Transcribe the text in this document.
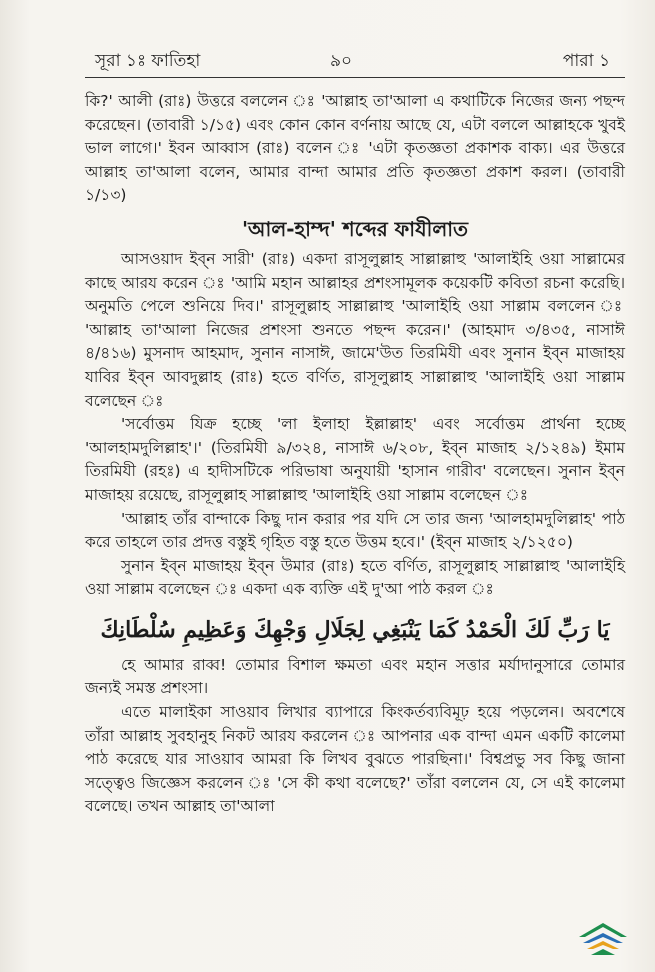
সূরা ১ঃ ফাতিহা	৯০	পারা ১

কি?' আলী (রাঃ) উত্তরে বললেন ঃ 'আল্লাহ তা'আলা এ কথাটিকে নিজের জন্য পছন্দ করেছেন। (তাবারী ১/১৫) এবং কোন কোন বর্ণনায় আছে যে, এটা বললে আল্লাহকে খুবই ভাল লাগে।' ইবন আব্বাস (রাঃ) বলেন ঃ 'এটা কৃতজ্ঞতা প্রকাশক বাক্য। এর উত্তরে আল্লাহ তা'আলা বলেন, আমার বান্দা আমার প্রতি কৃতজ্ঞতা প্রকাশ করল। (তাবারী ১/১৩)

'আল-হাম্দ' শব্দের ফাযীলাত

আসওয়াদ ইব্ন সারী' (রাঃ) একদা রাসূলুল্লাহ সাল্লাল্লাহু 'আলাইহি ওয়া সাল্লামের কাছে আরয করেন ঃ 'আমি মহান আল্লাহর প্রশংসামূলক কয়েকটি কবিতা রচনা করেছি। অনুমতি পেলে শুনিয়ে দিব।' রাসূলুল্লাহ সাল্লাল্লাহু 'আলাইহি ওয়া সাল্লাম বললেন ঃ 'আল্লাহ তা'আলা নিজের প্রশংসা শুনতে পছন্দ করেন।' (আহমাদ ৩/৪৩৫, নাসাঈ ৪/৪১৬) মুসনাদ আহমাদ, সুনান নাসাঈ, জামে'উত তিরমিযী এবং সুনান ইব্ন মাজাহয় যাবির ইব্ন আবদুল্লাহ (রাঃ) হতে বর্ণিত, রাসূলুল্লাহ সাল্লাল্লাহু 'আলাইহি ওয়া সাল্লাম বলেছেন ঃ

'সর্বোত্তম যিক্র হচ্ছে 'লা ইলাহা ইল্লাল্লাহ' এবং সর্বোত্তম প্রার্থনা হচ্ছে 'আলহামদুলিল্লাহ'।' (তিরমিযী ৯/৩২৪, নাসাঈ ৬/২০৮, ইব্ন মাজাহ ২/১২৪৯) ইমাম তিরমিযী (রহঃ) এ হাদীসটিকে পরিভাষা অনুযায়ী 'হাসান গারীব' বলেছেন। সুনান ইব্ন মাজাহয় রয়েছে, রাসূলুল্লাহ সাল্লাল্লাহু 'আলাইহি ওয়া সাল্লাম বলেছেন ঃ

'আল্লাহ তাঁর বান্দাকে কিছু দান করার পর যদি সে তার জন্য 'আলহামদুলিল্লাহ' পাঠ করে তাহলে তার প্রদত্ত বস্তুই গৃহিত বস্তু হতে উত্তম হবে।' (ইব্ন মাজাহ ২/১২৫০)

সুনান ইব্ন মাজাহয় ইব্ন উমার (রাঃ) হতে বর্ণিত, রাসূলুল্লাহ সাল্লাল্লাহু 'আলাইহি ওয়া সাল্লাম বলেছেন ঃ একদা এক ব্যক্তি এই দু'আ পাঠ করল ঃ

يَا رَبِّ لَكَ الْحَمْدُ كَمَا يَنْبَغِي لِجَلَالِ وَجْهِكَ وَعَظِيمِ سُلْطَانِكَ

হে আমার রাব্ব! তোমার বিশাল ক্ষমতা এবং মহান সত্তার মর্যাদানুসারে তোমার জন্যই সমস্ত প্রশংসা।

এতে মালাইকা সাওয়াব লিখার ব্যাপারে কিংকর্তব্যবিমূঢ় হয়ে পড়লেন। অবশেষে তাঁরা আল্লাহ সুবহানুহ নিকট আরয করলেন ঃ আপনার এক বান্দা এমন একটি কালেমা পাঠ করেছে যার সাওয়াব আমরা কি লিখব বুঝতে পারছিনা।' বিশ্বপ্রভু সব কিছু জানা সত্ত্বেও জিজ্ঞেস করলেন ঃ 'সে কী কথা বলেছে?' তাঁরা বললেন যে, সে এই কালেমা বলেছে। তখন আল্লাহ তা'আলা
